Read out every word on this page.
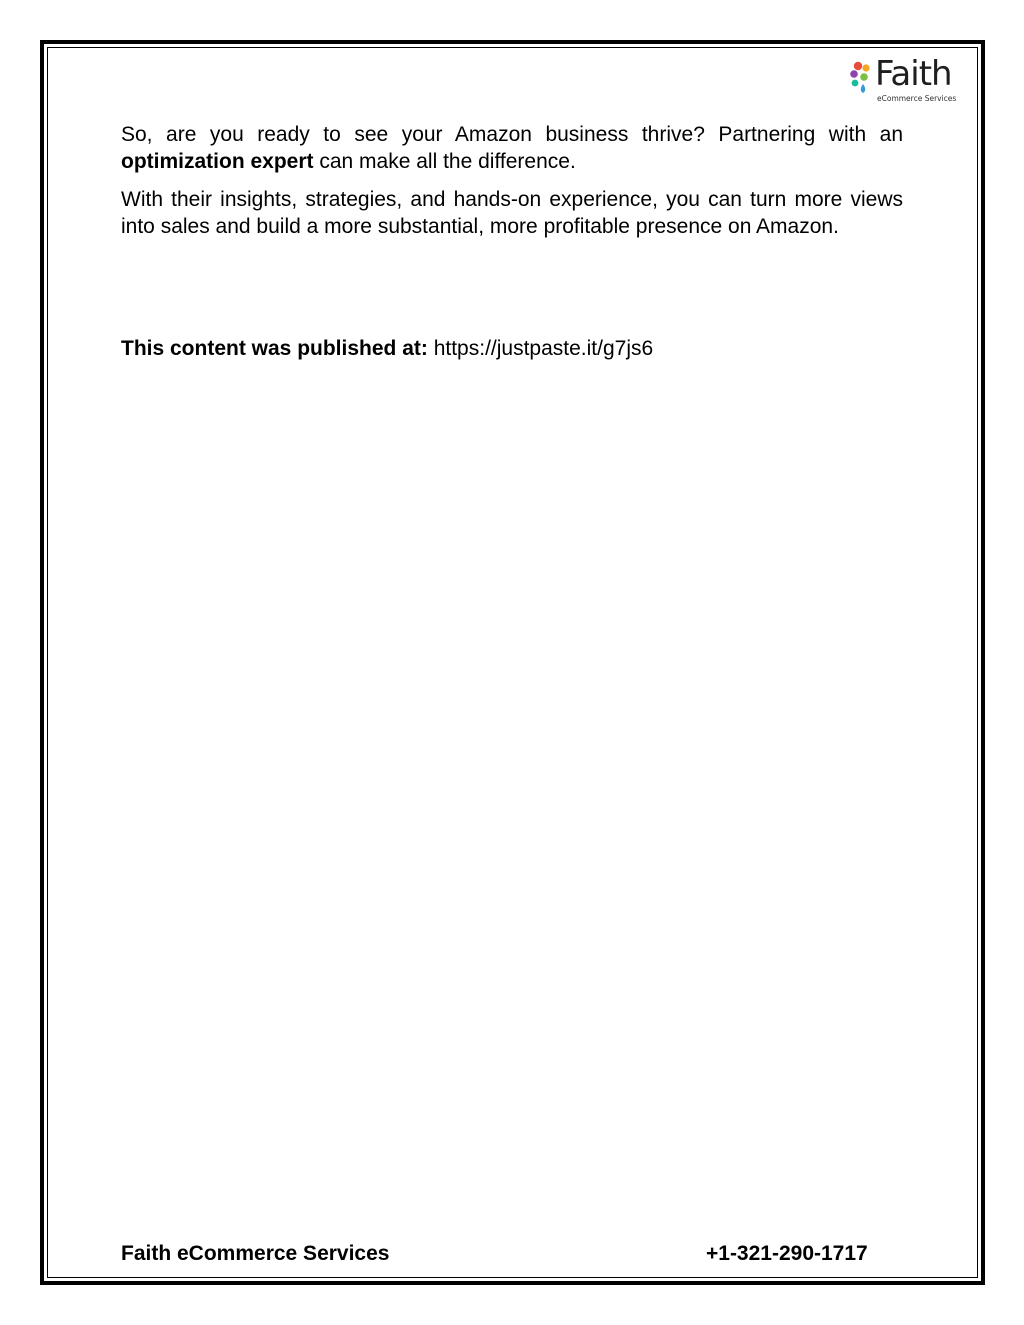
Faith
eCommerce Services

So, are you ready to see your Amazon business thrive? Partnering with an optimization expert can make all the difference.

With their insights, strategies, and hands-on experience, you can turn more views into sales and build a more substantial, more profitable presence on Amazon.

This content was published at: https://justpaste.it/g7js6
Faith eCommerce Services	+1-321-290-1717
